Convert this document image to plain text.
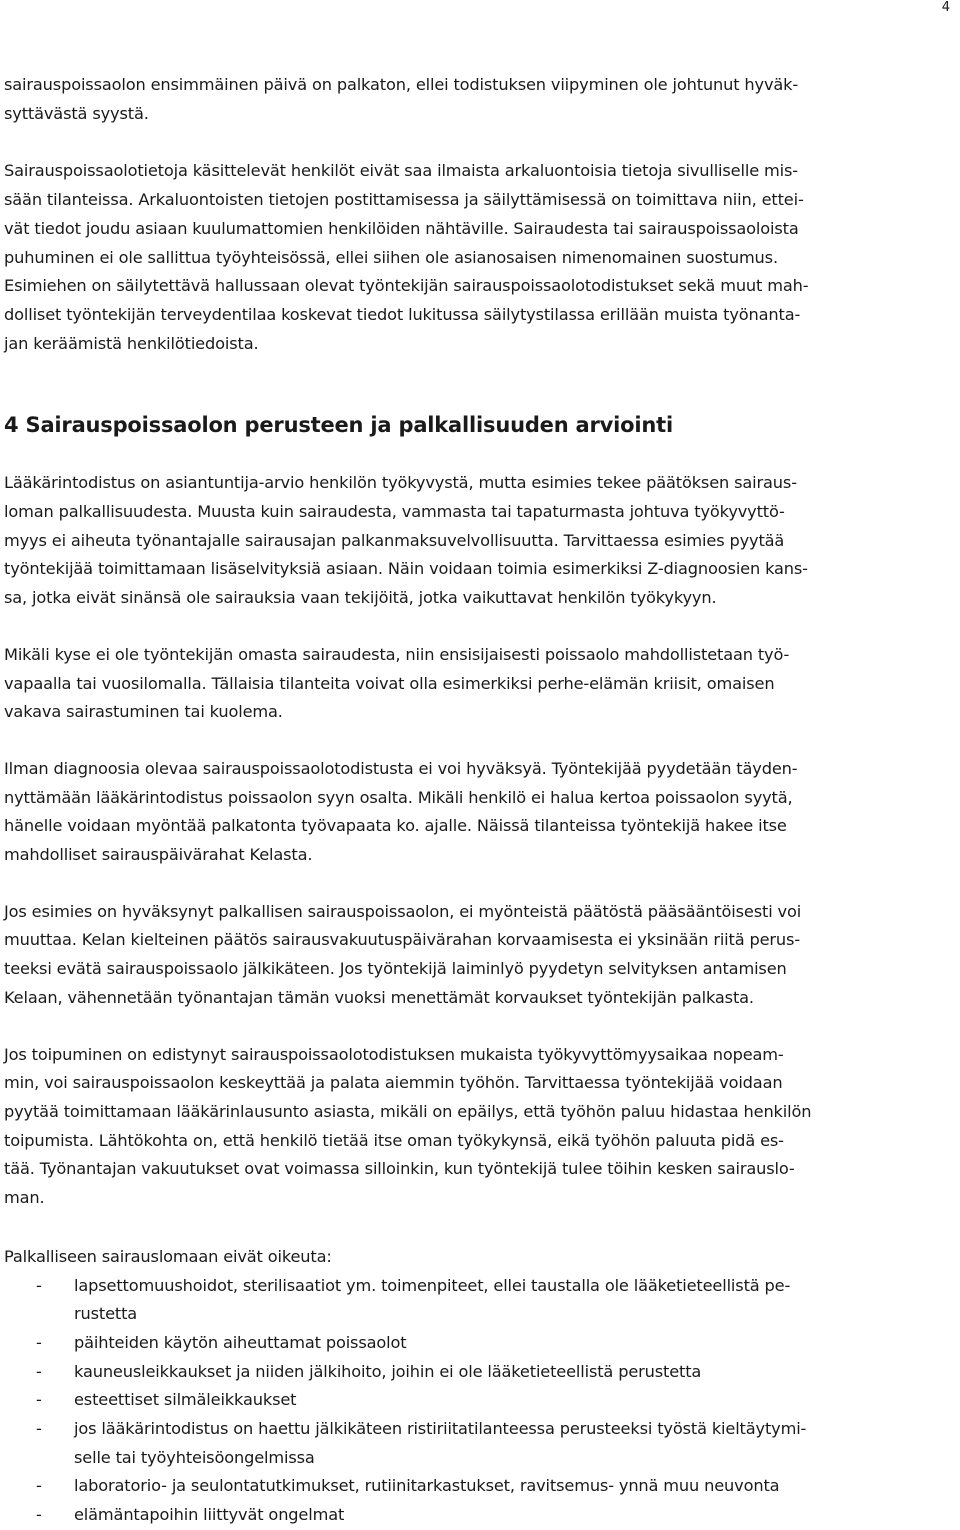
4

sairauspoissaolon ensimmäinen päivä on palkaton, ellei todistuksen viipyminen ole johtunut hyväk-
syttävästä syystä.

Sairauspoissaolotietoja käsittelevät henkilöt eivät saa ilmaista arkaluontoisia tietoja sivulliselle mis-
sään tilanteissa. Arkaluontoisten tietojen postittamisessa ja säilyttämisessä on toimittava niin, ettei-
vät tiedot joudu asiaan kuulumattomien henkilöiden nähtäville. Sairaudesta tai sairauspoissaoloista
puhuminen ei ole sallittua työyhteisössä, ellei siihen ole asianosaisen nimenomainen suostumus.
Esimiehen on säilytettävä hallussaan olevat työntekijän sairauspoissaolotodistukset sekä muut mah-
dolliset työntekijän terveydentilaa koskevat tiedot lukitussa säilytystilassa erillään muista työnanta-
jan keräämistä henkilötiedoista.

4 Sairauspoissaolon perusteen ja palkallisuuden arviointi

Lääkärintodistus on asiantuntija-arvio henkilön työkyvystä, mutta esimies tekee päätöksen sairaus-
loman palkallisuudesta. Muusta kuin sairaudesta, vammasta tai tapaturmasta johtuva työkyvyttö-
myys ei aiheuta työnantajalle sairausajan palkanmaksuvelvollisuutta. Tarvittaessa esimies pyytää
työntekijää toimittamaan lisäselvityksiä asiaan. Näin voidaan toimia esimerkiksi Z-diagnoosien kans-
sa, jotka eivät sinänsä ole sairauksia vaan tekijöitä, jotka vaikuttavat henkilön työkykyyn.

Mikäli kyse ei ole työntekijän omasta sairaudesta, niin ensisijaisesti poissaolo mahdollistetaan työ-
vapaalla tai vuosilomalla. Tällaisia tilanteita voivat olla esimerkiksi perhe-elämän kriisit, omaisen
vakava sairastuminen tai kuolema.

Ilman diagnoosia olevaa sairauspoissaolotodistusta ei voi hyväksyä. Työntekijää pyydetään täyden-
nyttämään lääkärintodistus poissaolon syyn osalta. Mikäli henkilö ei halua kertoa poissaolon syytä,
hänelle voidaan myöntää palkatonta työvapaata ko. ajalle. Näissä tilanteissa työntekijä hakee itse
mahdolliset sairauspäivärahat Kelasta.

Jos esimies on hyväksynyt palkallisen sairauspoissaolon, ei myönteistä päätöstä pääsääntöisesti voi
muuttaa. Kelan kielteinen päätös sairausvakuutuspäivärahan korvaamisesta ei yksinään riitä perus-
teeksi evätä sairauspoissaolo jälkikäteen. Jos työntekijä laiminlyö pyydetyn selvityksen antamisen
Kelaan, vähennetään työnantajan tämän vuoksi menettämät korvaukset työntekijän palkasta.

Jos toipuminen on edistynyt sairauspoissaolotodistuksen mukaista työkyvyttömyysaikaa nopeam-
min, voi sairauspoissaolon keskeyttää ja palata aiemmin työhön. Tarvittaessa työntekijää voidaan
pyytää toimittamaan lääkärinlausunto asiasta, mikäli on epäilys, että työhön paluu hidastaa henkilön
toipumista. Lähtökohta on, että henkilö tietää itse oman työkykynsä, eikä työhön paluuta pidä es-
tää. Työnantajan vakuutukset ovat voimassa silloinkin, kun työntekijä tulee töihin kesken sairauslo-
man.

Palkalliseen sairauslomaan eivät oikeuta:

- lapsettomuushoidot, sterilisaatiot ym. toimenpiteet, ellei taustalla ole lääketieteellistä pe-
rustetta
- päihteiden käytön aiheuttamat poissaolot
- kauneusleikkaukset ja niiden jälkihoito, joihin ei ole lääketieteellistä perustetta
- esteettiset silmäleikkaukset
- jos lääkärintodistus on haettu jälkikäteen ristiriitatilanteessa perusteeksi työstä kieltäytymi-
selle tai työyhteisöongelmissa
- laboratorio- ja seulontatutkimukset, rutiinitarkastukset, ravitsemus- ynnä muu neuvonta
- elämäntapoihin liittyvät ongelmat
